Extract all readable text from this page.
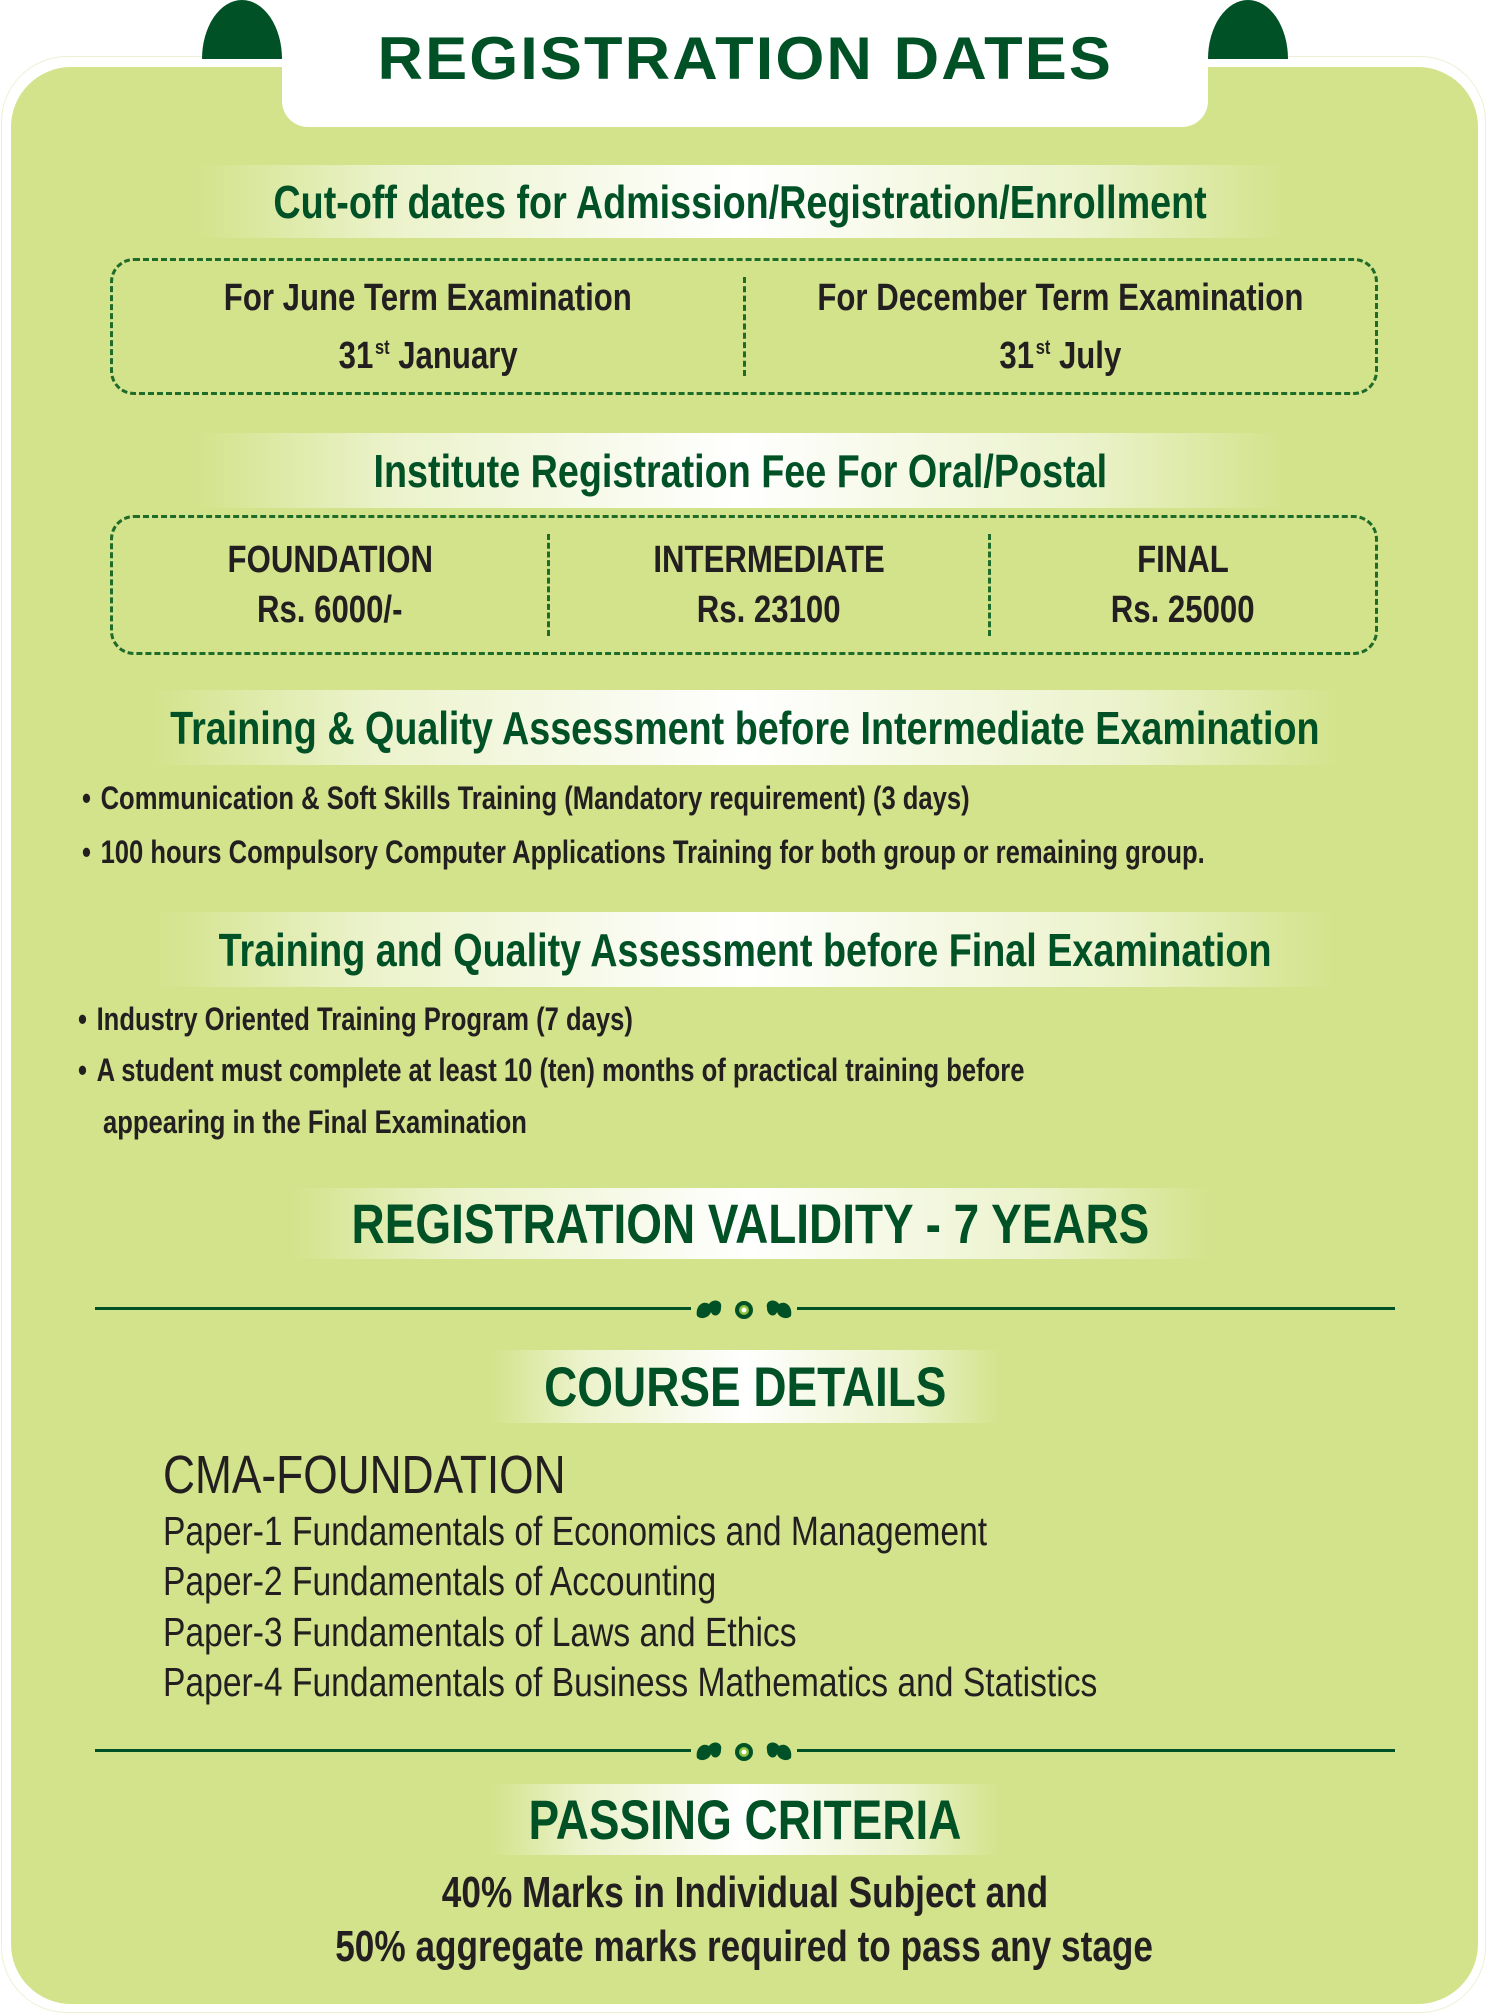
REGISTRATION DATES
Cut-off dates for Admission/Registration/Enrollment
For June Term Examination
31st January
For December Term Examination
31st July
Institute Registration Fee For Oral/Postal
FOUNDATION
Rs. 6000/-
INTERMEDIATE
Rs. 23100
FINAL
Rs. 25000
Training & Quality Assessment before Intermediate Examination
• Communication & Soft Skills Training (Mandatory requirement) (3 days)
• 100 hours Compulsory Computer Applications Training for both group or remaining group.
Training and Quality Assessment before Final Examination
• Industry Oriented Training Program (7 days)
• A student must complete at least 10 (ten) months of practical training before
appearing in the Final Examination
REGISTRATION VALIDITY - 7 YEARS
COURSE DETAILS
CMA-FOUNDATION
Paper-1 Fundamentals of Economics and Management
Paper-2 Fundamentals of Accounting
Paper-3 Fundamentals of Laws and Ethics
Paper-4 Fundamentals of Business Mathematics and Statistics
PASSING CRITERIA
40% Marks in Individual Subject and
50% aggregate marks required to pass any stage
